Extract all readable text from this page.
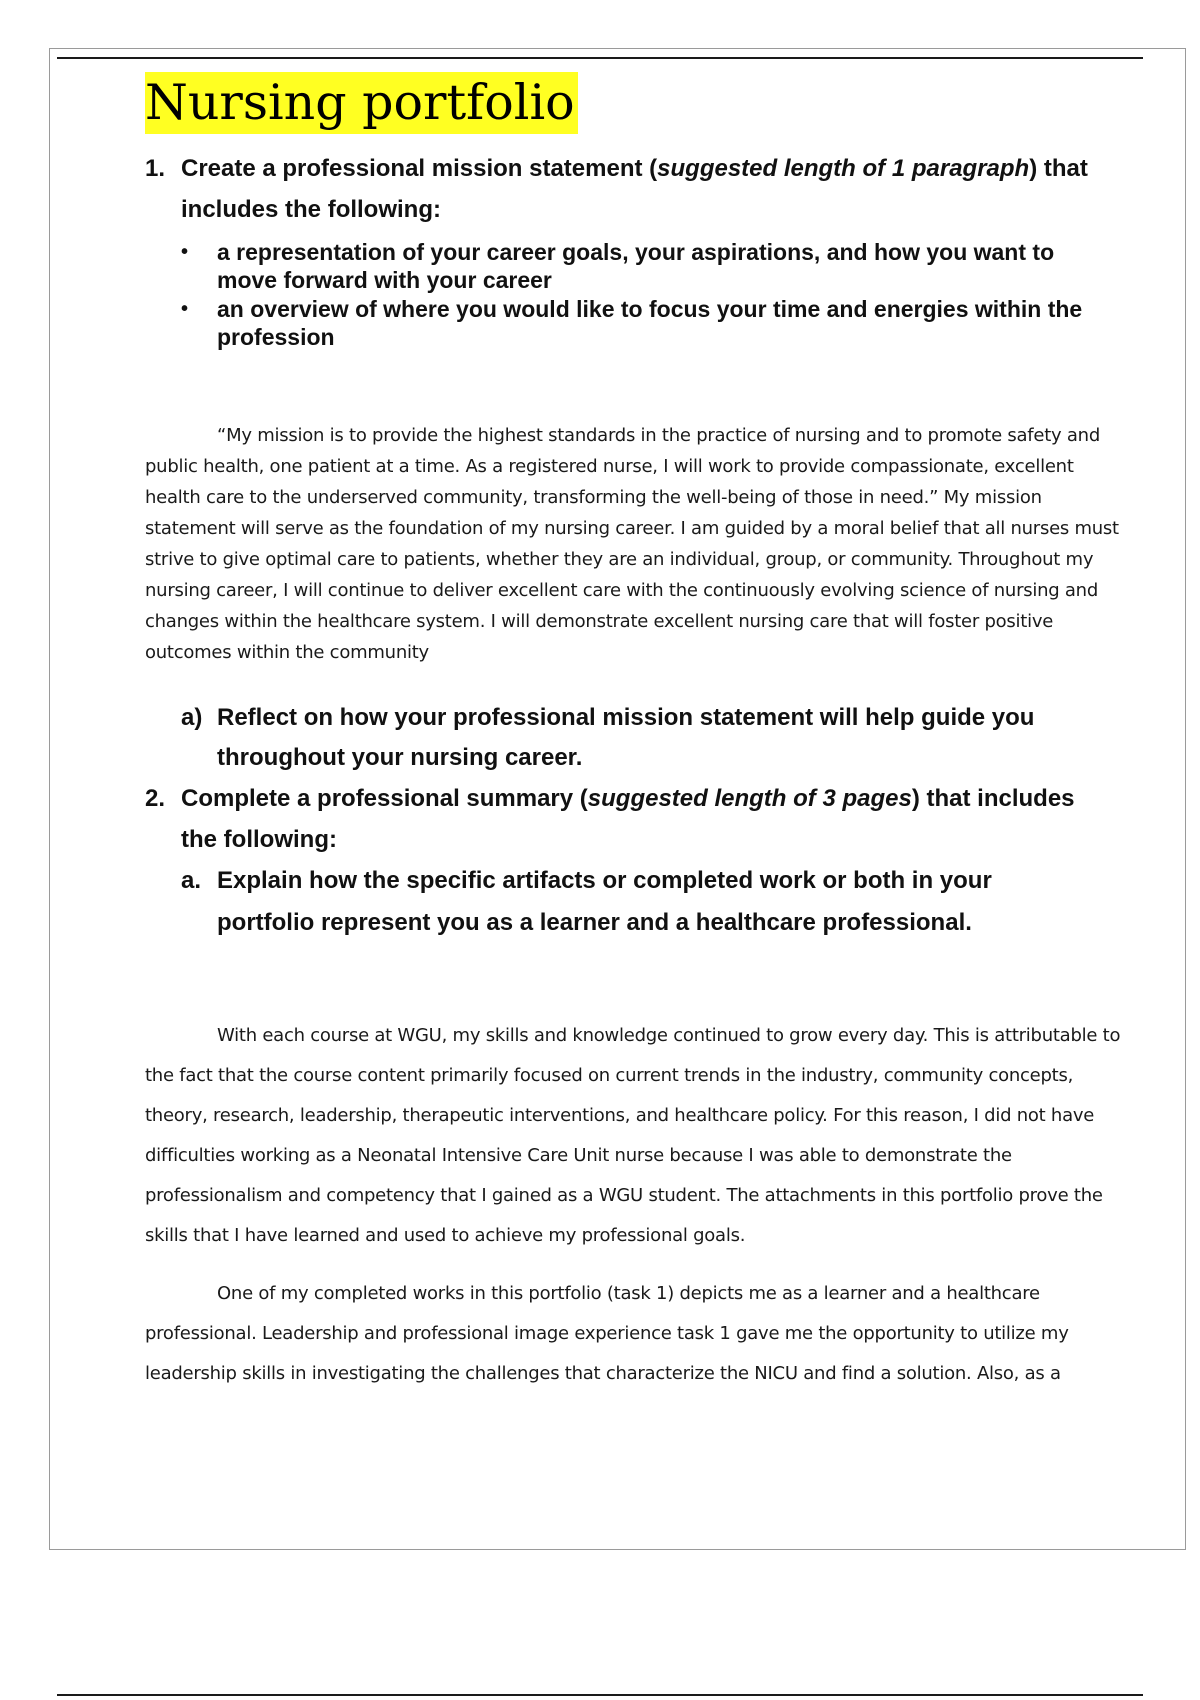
Nursing portfolio
1. Create a professional mission statement (suggested length of 1 paragraph) that includes the following:
• a representation of your career goals, your aspirations, and how you want to move forward with your career
• an overview of where you would like to focus your time and energies within the profession

“My mission is to provide the highest standards in the practice of nursing and to promote safety and public health, one patient at a time. As a registered nurse, I will work to provide compassionate, excellent health care to the underserved community, transforming the well-being of those in need.” My mission statement will serve as the foundation of my nursing career. I am guided by a moral belief that all nurses must strive to give optimal care to patients, whether they are an individual, group, or community. Throughout my nursing career, I will continue to deliver excellent care with the continuously evolving science of nursing and changes within the healthcare system. I will demonstrate excellent nursing care that will foster positive outcomes within the community

a) Reflect on how your professional mission statement will help guide you throughout your nursing career.
2. Complete a professional summary (suggested length of 3 pages) that includes the following:
a. Explain how the specific artifacts or completed work or both in your portfolio represent you as a learner and a healthcare professional.

With each course at WGU, my skills and knowledge continued to grow every day. This is attributable to the fact that the course content primarily focused on current trends in the industry, community concepts, theory, research, leadership, therapeutic interventions, and healthcare policy. For this reason, I did not have difficulties working as a Neonatal Intensive Care Unit nurse because I was able to demonstrate the professionalism and competency that I gained as a WGU student. The attachments in this portfolio prove the skills that I have learned and used to achieve my professional goals.

One of my completed works in this portfolio (task 1) depicts me as a learner and a healthcare professional. Leadership and professional image experience task 1 gave me the opportunity to utilize my leadership skills in investigating the challenges that characterize the NICU and find a solution. Also, as a
